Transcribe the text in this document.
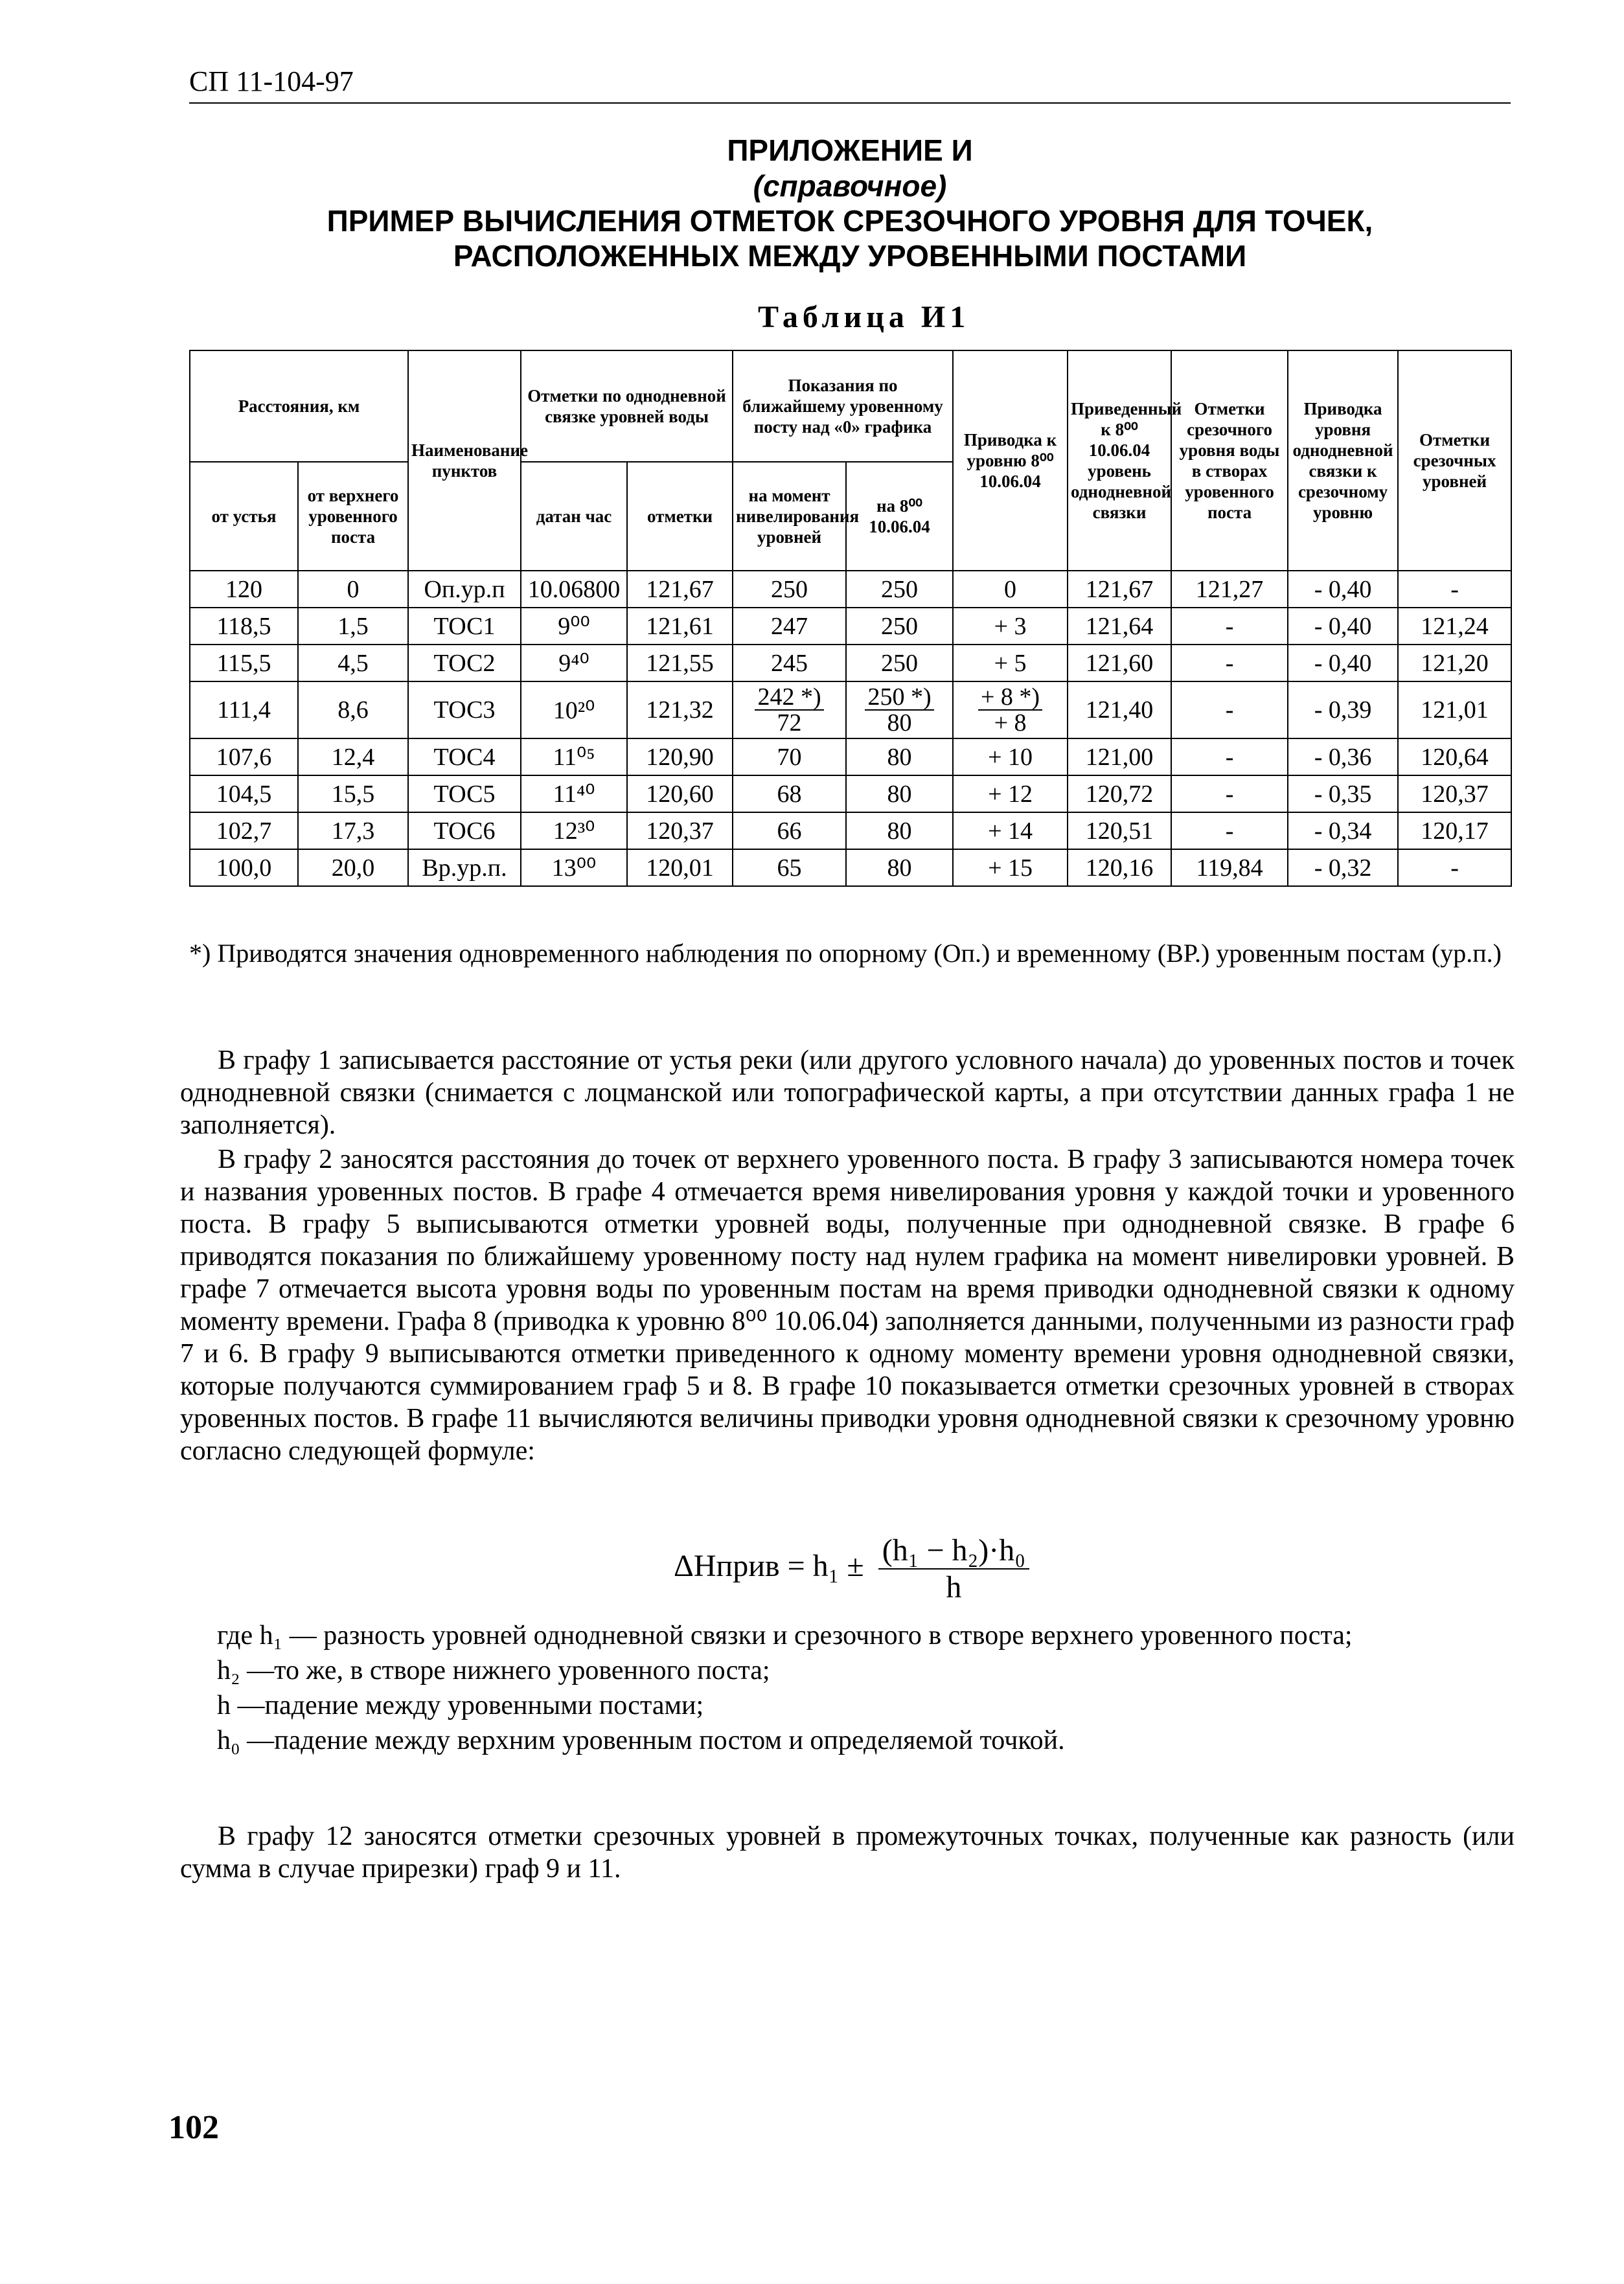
СП 11-104-97
ПРИЛОЖЕНИЕ И
(справочное)
ПРИМЕР ВЫЧИСЛЕНИЯ ОТМЕТОК СРЕЗОЧНОГО УРОВНЯ ДЛЯ ТОЧЕК,
РАСПОЛОЖЕННЫХ МЕЖДУ УРОВЕННЫМИ ПОСТАМИ
Таблица И1
Расстояния, км		Наименование пунктов	Отметки по однодневной связке уровней воды		Показания по ближайшему уровенному посту над «0» графика		Приводка к уровню 8⁰⁰ 10.06.04	Приведенный к 8⁰⁰ 10.06.04 уровень однодневной связки	Отметки срезочного уровня воды в створах уровенного поста	Приводка уровня однодневной связки к срезочному уровню	Отметки срезочных уровней
от устья	от верхнего уровенного поста		датан час	отметки	на момент нивелирования уровней	на 8⁰⁰ 10.06.04					
120	0	Оп.ур.п	10.06800	121,67	250	250	0	121,67	121,27	- 0,40	-
118,5	1,5	ТОС1	9⁰⁰	121,61	247	250	+ 3	121,64	-	- 0,40	121,24
115,5	4,5	ТОС2	9⁴⁰	121,55	245	250	+ 5	121,60	-	- 0,40	121,20
111,4	8,6	ТОС3	10²⁰	121,32	$\frac{242 *)}{72}$	$\frac{250 *)}{80}$	$\frac{+ 8 *)}{+ 8}$	121,40	-	- 0,39	121,01
107,6	12,4	ТОС4	11⁰⁵	120,90	70	80	+ 10	121,00	-	- 0,36	120,64
104,5	15,5	ТОС5	11⁴⁰	120,60	68	80	+ 12	120,72	-	- 0,35	120,37
102,7	17,3	ТОС6	12³⁰	120,37	66	80	+ 14	120,51	-	- 0,34	120,17
100,0	20,0	Вр.ур.п.	13⁰⁰	120,01	65	80	+ 15	120,16	119,84	- 0,32	-
*) Приводятся значения одновременного наблюдения по опорному (Оп.) и временному (ВР.) уровенным постам (ур.п.)
В графу 1 записывается расстояние от устья реки (или другого условного начала) до уровенных постов и точек однодневной связки (снимается с лоцманской или топографической карты, а при отсутствии данных графа 1 не заполняется).
В графу 2 заносятся расстояния до точек от верхнего уровенного поста. В графу 3 записываются номера точек и названия уровенных постов. В графе 4 отмечается время нивелирования уровня у каждой точки и уровенного поста. В графу 5 выписываются отметки уровней воды, полученные при однодневной связке. В графе 6 приводятся показания по ближайшему уровенному посту над нулем графика на момент нивелировки уровней. В графе 7 отмечается высота уровня воды по уровенным постам на время приводки однодневной связки к одному моменту времени. Графа 8 (приводка к уровню 8⁰⁰ 10.06.04) заполняется данными, полученными из разности граф 7 и 6. В графу 9 выписываются отметки приведенного к одному моменту времени уровня однодневной связки, которые получаются суммированием граф 5 и 8. В графе 10 показывается отметки срезочных уровней в створах уровенных постов. В графе 11 вычисляются величины приводки уровня однодневной связки к срезочному уровню согласно следующей формуле:
ΔHприв = $h_1 \pm \frac{\text{(h₁ − h₂)·h₀}}{h}$
где h₁ — разность уровней однодневной связки и срезочного в створе верхнего уровенного поста;
h₂ —то же, в створе нижнего уровенного поста;
h —падение между уровенными постами;
h₀ —падение между верхним уровенным постом и определяемой точкой.
В графу 12 заносятся отметки срезочных уровней в промежуточных точках, полученные как разность (или сумма в случае прирезки) граф 9 и 11.
102
